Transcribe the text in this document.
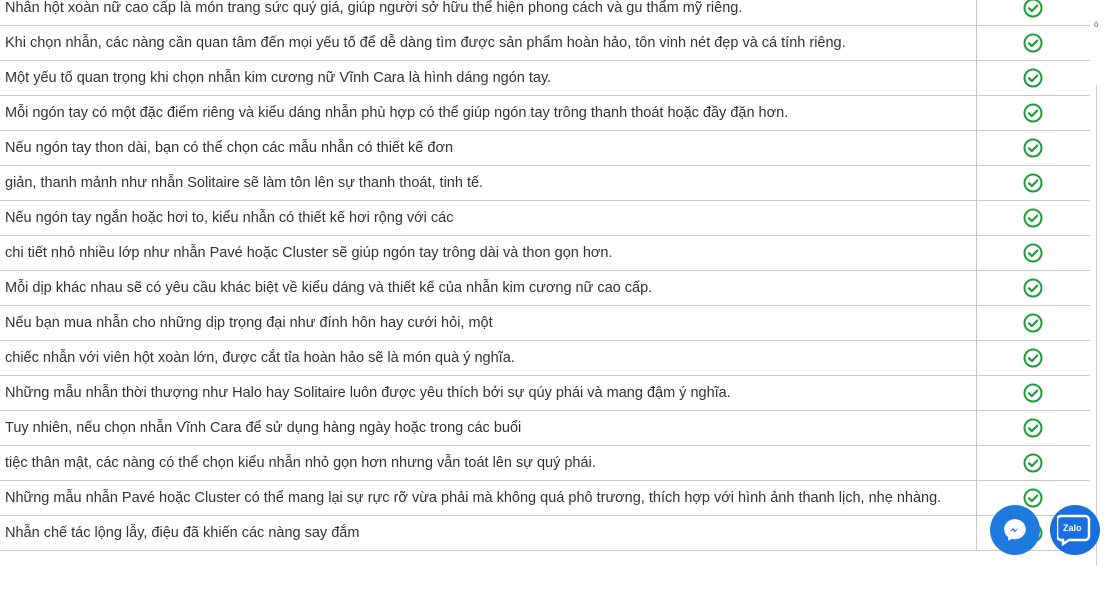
Nhẫn hột xoàn nữ cao cấp là món trang sức quý giá, giúp người sở hữu thể hiện phong cách và gu thẩm mỹ riêng.	
Khi chọn nhẫn, các nàng cần quan tâm đến mọi yếu tố để dễ dàng tìm được sản phẩm hoàn hảo, tôn vinh nét đẹp và cá tính riêng.	
Một yếu tố quan trọng khi chọn nhẫn kim cương nữ Vĩnh Cara là hình dáng ngón tay.	
Mỗi ngón tay có một đặc điểm riêng và kiểu dáng nhẫn phù hợp có thể giúp ngón tay trông thanh thoát hoặc đầy đặn hơn.	
Nếu ngón tay thon dài, bạn có thể chọn các mẫu nhẫn có thiết kế đơn	
giản, thanh mảnh như nhẫn Solitaire sẽ làm tôn lên sự thanh thoát, tinh tế.	
Nếu ngón tay ngắn hoặc hơi to, kiểu nhẫn có thiết kế hơi rộng với các	
chi tiết nhỏ nhiều lớp như nhẫn Pavé hoặc Cluster sẽ giúp ngón tay trông dài và thon gọn hơn.	
Mỗi dịp khác nhau sẽ có yêu cầu khác biệt về kiểu dáng và thiết kế của nhẫn kim cương nữ cao cấp.	
Nếu bạn mua nhẫn cho những dịp trọng đại như đính hôn hay cưới hỏi, một	
chiếc nhẫn với viên hột xoàn lớn, được cắt tỉa hoàn hảo sẽ là món quà ý nghĩa.	
Những mẫu nhẫn thời thượng như Halo hay Solitaire luôn được yêu thích bởi sự qúy phái và mang đậm ý nghĩa.	
Tuy nhiên, nếu chọn nhẫn Vĩnh Cara để sử dụng hàng ngày hoặc trong các buổi	
tiệc thân mật, các nàng có thể chọn kiểu nhẫn nhỏ gọn hơn nhưng vẫn toát lên sự quý phái.	
Những mẫu nhẫn Pavé hoặc Cluster có thể mang lại sự rực rỡ vừa phải mà không quá phô trương, thích hợp với hình ảnh thanh lịch, nhẹ nhàng.	
Nhẫn chế tác lộng lẫy, điệu đã khiến các nàng say đắm	
ò
Zalo
